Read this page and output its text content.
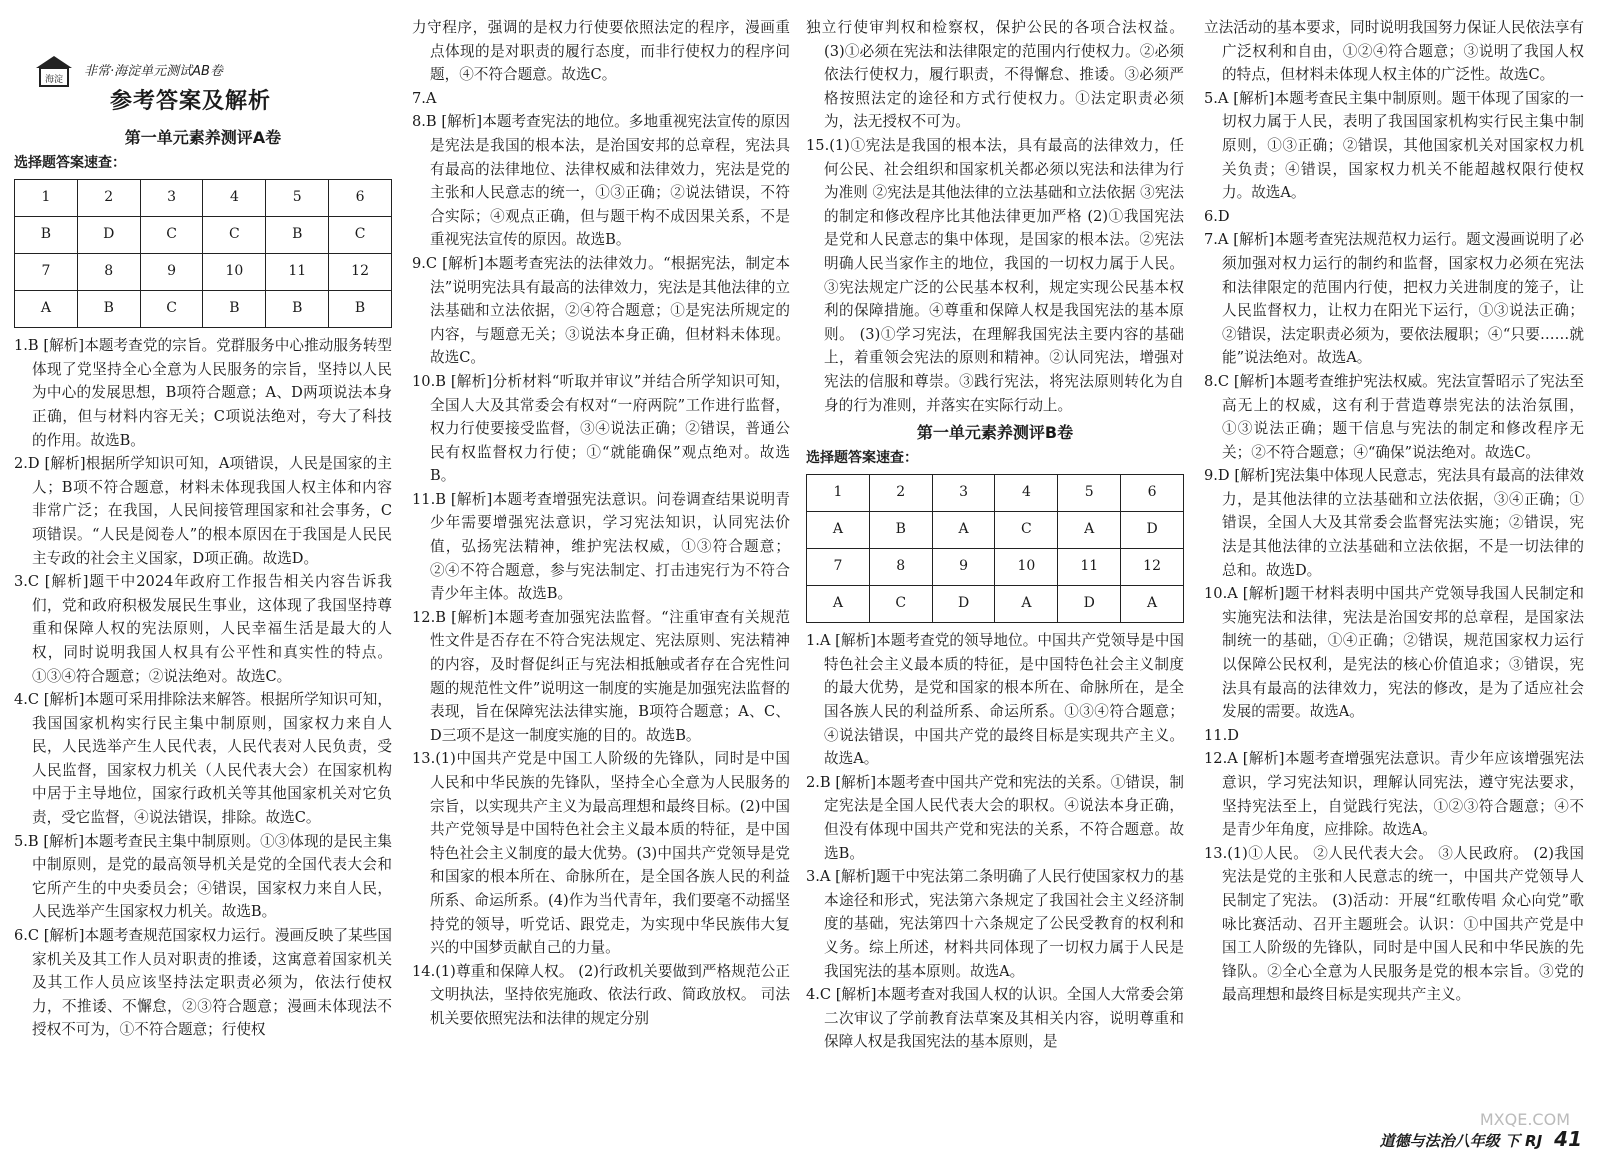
海淀
非常·海淀单元测试AB卷
参考答案及解析
第一单元素养测评A卷
选择题答案速查：
1	2	3	4	5	6
B	D	C	C	B	C
7	8	9	10	11	12
A	B	C	B	B	B

1.B [解析]本题考查党的宗旨。党群服务中心推动服务转型体现了党坚持全心全意为人民服务的宗旨，坚持以人民为中心的发展思想，B项符合题意；A、D两项说法本身正确，但与材料内容无关；C项说法绝对，夸大了科技的作用。故选B。

2.D [解析]根据所学知识可知，A项错误，人民是国家的主人；B项不符合题意，材料未体现我国人权主体和内容非常广泛；在我国，人民间接管理国家和社会事务，C项错误。“人民是阅卷人”的根本原因在于我国是人民民主专政的社会主义国家，D项正确。故选D。

3.C [解析]题干中2024年政府工作报告相关内容告诉我们，党和政府积极发展民生事业，这体现了我国坚持尊重和保障人权的宪法原则，人民幸福生活是最大的人权，同时说明我国人权具有公平性和真实性的特点。①③④符合题意；②说法绝对。故选C。

4.C [解析]本题可采用排除法来解答。根据所学知识可知，我国国家机构实行民主集中制原则，国家权力来自人民，人民选举产生人民代表，人民代表对人民负责，受人民监督，国家权力机关（人民代表大会）在国家机构中居于主导地位，国家行政机关等其他国家机关对它负责，受它监督，④说法错误，排除。故选C。

5.B [解析]本题考查民主集中制原则。①③体现的是民主集中制原则，是党的最高领导机关是党的全国代表大会和它所产生的中央委员会；④错误，国家权力来自人民，人民选举产生国家权力机关。故选B。

6.C [解析]本题考查规范国家权力运行。漫画反映了某些国家机关及其工作人员对职责的推诿，这寓意着国家机关及其工作人员应该坚持法定职责必须为，依法行使权力，不推诿、不懈怠，②③符合题意；漫画未体现法不授权不可为，①不符合题意；行使权

力守程序，强调的是权力行使要依照法定的程序，漫画重点体现的是对职责的履行态度，而非行使权力的程序问题，④不符合题意。故选C。

7.A

8.B [解析]本题考查宪法的地位。多地重视宪法宣传的原因是宪法是我国的根本法，是治国安邦的总章程，宪法具有最高的法律地位、法律权威和法律效力，宪法是党的主张和人民意志的统一，①③正确；②说法错误，不符合实际；④观点正确，但与题干构不成因果关系，不是重视宪法宣传的原因。故选B。

9.C [解析]本题考查宪法的法律效力。“根据宪法，制定本法”说明宪法具有最高的法律效力，宪法是其他法律的立法基础和立法依据，②④符合题意；①是宪法所规定的内容，与题意无关；③说法本身正确，但材料未体现。故选C。

10.B [解析]分析材料“听取并审议”并结合所学知识可知，全国人大及其常委会有权对“一府两院”工作进行监督，权力行使要接受监督，③④说法正确；②错误，普通公民有权监督权力行使；①“就能确保”观点绝对。故选B。

11.B [解析]本题考查增强宪法意识。问卷调查结果说明青少年需要增强宪法意识，学习宪法知识，认同宪法价值，弘扬宪法精神，维护宪法权威，①③符合题意；②④不符合题意，参与宪法制定、打击违宪行为不符合青少年主体。故选B。

12.B [解析]本题考查加强宪法监督。“注重审查有关规范性文件是否存在不符合宪法规定、宪法原则、宪法精神的内容，及时督促纠正与宪法相抵触或者存在合宪性问题的规范性文件”说明这一制度的实施是加强宪法监督的表现，旨在保障宪法法律实施，B项符合题意；A、C、D三项不是这一制度实施的目的。故选B。

13.(1)中国共产党是中国工人阶级的先锋队，同时是中国人民和中华民族的先锋队，坚持全心全意为人民服务的宗旨，以实现共产主义为最高理想和最终目标。(2)中国共产党领导是中国特色社会主义最本质的特征，是中国特色社会主义制度的最大优势。(3)中国共产党领导是党和国家的根本所在、命脉所在，是全国各族人民的利益所系、命运所系。(4)作为当代青年，我们要毫不动摇坚持党的领导，听党话、跟党走，为实现中华民族伟大复兴的中国梦贡献自己的力量。

14.(1)尊重和保障人权。 (2)行政机关要做到严格规范公正文明执法，坚持依宪施政、依法行政、简政放权。 司法机关要依照宪法和法律的规定分别

独立行使审判权和检察权，保护公民的各项合法权益。 (3)①必须在宪法和法律限定的范围内行使权力。②必须依法行使权力，履行职责，不得懈怠、推诿。③必须严格按照法定的途径和方式行使权力。①法定职责必须为，法无授权不可为。

15.(1)①宪法是我国的根本法，具有最高的法律效力，任何公民、社会组织和国家机关都必须以宪法和法律为行为准则 ②宪法是其他法律的立法基础和立法依据 ③宪法的制定和修改程序比其他法律更加严格 (2)①我国宪法是党和人民意志的集中体现，是国家的根本法。②宪法明确人民当家作主的地位，我国的一切权力属于人民。③宪法规定广泛的公民基本权利，规定实现公民基本权利的保障措施。④尊重和保障人权是我国宪法的基本原则。 (3)①学习宪法，在理解我国宪法主要内容的基础上，着重领会宪法的原则和精神。②认同宪法，增强对宪法的信服和尊崇。③践行宪法，将宪法原则转化为自身的行为准则，并落实在实际行动上。

第一单元素养测评B卷
选择题答案速查：
1	2	3	4	5	6
A	B	A	C	A	D
7	8	9	10	11	12
A	C	D	A	D	A

1.A [解析]本题考查党的领导地位。中国共产党领导是中国特色社会主义最本质的特征，是中国特色社会主义制度的最大优势，是党和国家的根本所在、命脉所在，是全国各族人民的利益所系、命运所系。①③④符合题意；④说法错误，中国共产党的最终目标是实现共产主义。故选A。

2.B [解析]本题考查中国共产党和宪法的关系。①错误，制定宪法是全国人民代表大会的职权。④说法本身正确，但没有体现中国共产党和宪法的关系，不符合题意。故选B。

3.A [解析]题干中宪法第二条明确了人民行使国家权力的基本途径和形式，宪法第六条规定了我国社会主义经济制度的基础，宪法第四十六条规定了公民受教育的权利和义务。综上所述，材料共同体现了一切权力属于人民是我国宪法的基本原则。故选A。

4.C [解析]本题考查对我国人权的认识。全国人大常委会第二次审议了学前教育法草案及其相关内容，说明尊重和保障人权是我国宪法的基本原则，是

立法活动的基本要求，同时说明我国努力保证人民依法享有广泛权利和自由，①②④符合题意；③说明了我国人权的特点，但材料未体现人权主体的广泛性。故选C。

5.A [解析]本题考查民主集中制原则。题干体现了国家的一切权力属于人民，表明了我国国家机构实行民主集中制原则，①③正确；②错误，其他国家机关对国家权力机关负责；④错误，国家权力机关不能超越权限行使权力。故选A。

6.D

7.A [解析]本题考查宪法规范权力运行。题文漫画说明了必须加强对权力运行的制约和监督，国家权力必须在宪法和法律限定的范围内行使，把权力关进制度的笼子，让人民监督权力，让权力在阳光下运行，①③说法正确；②错误，法定职责必须为，要依法履职；④“只要……就能”说法绝对。故选A。

8.C [解析]本题考查维护宪法权威。宪法宣誓昭示了宪法至高无上的权威，这有利于营造尊崇宪法的法治氛围，①③说法正确；题干信息与宪法的制定和修改程序无关；②不符合题意；④“确保”说法绝对。故选C。

9.D [解析]宪法集中体现人民意志，宪法具有最高的法律效力，是其他法律的立法基础和立法依据，③④正确；①错误，全国人大及其常委会监督宪法实施；②错误，宪法是其他法律的立法基础和立法依据，不是一切法律的总和。故选D。

10.A [解析]题干材料表明中国共产党领导我国人民制定和实施宪法和法律，宪法是治国安邦的总章程，是国家法制统一的基础，①④正确；②错误，规范国家权力运行以保障公民权利，是宪法的核心价值追求；③错误，宪法具有最高的法律效力，宪法的修改，是为了适应社会发展的需要。故选A。

11.D

12.A [解析]本题考查增强宪法意识。青少年应该增强宪法意识，学习宪法知识，理解认同宪法，遵守宪法要求，坚持宪法至上，自觉践行宪法，①②③符合题意；④不是青少年角度，应排除。故选A。

13.(1)①人民。 ②人民代表大会。 ③人民政府。 (2)我国宪法是党的主张和人民意志的统一，中国共产党领导人民制定了宪法。 (3)活动：开展“红歌传唱 众心向党”歌咏比赛活动、召开主题班会。认识：①中国共产党是中国工人阶级的先锋队，同时是中国人民和中华民族的先锋队。②全心全意为人民服务是党的根本宗旨。③党的最高理想和最终目标是实现共产主义。

MXQE.COM
道德与法治八年级 下 RJ 41
